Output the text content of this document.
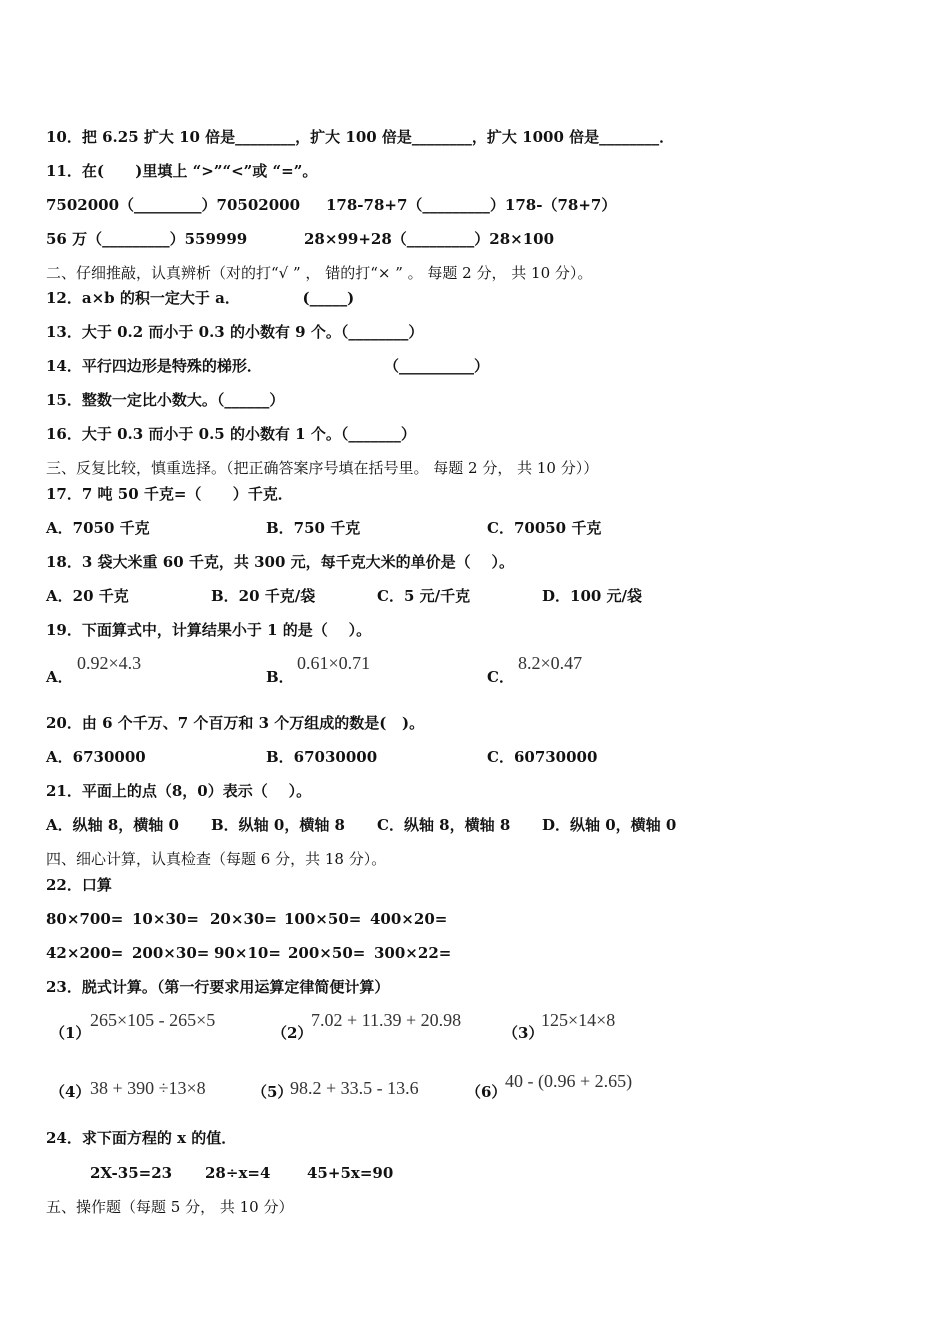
10．把 6.25 扩大 10 倍是________，扩大 100 倍是________，扩大 1000 倍是________．
11．在(      )里填上 “>”“<”或 “=”。
7502000（_________）70502000 178-78+7（_________）178-（78+7）
56 万（_________）559999	28×99+28（_________）28×100
二、仔细推敲，认真辨析（对的打“√ ” ， 错的打“× ” 。 每题 2 分， 共 10 分）。
12．a×b 的积一定大于 a．            (_____)
13．大于 0.2 而小于 0.3 的小数有 9 个。（________）
14．平行四边形是特殊的梯形．	（__________）
15．整数一定比小数大。（______）
16．大于 0.3 而小于 0.5 的小数有 1 个。（_______）
三、反复比较，慎重选择。（把正确答案序号填在括号里。 每题 2 分， 共 10 分））
17．7 吨 50 千克=（      ）千克．
A．7050 千克	B．750 千克	C．70050 千克
18．3 袋大米重 60 千克，共 300 元，每千克大米的单价是（    ）。
A．20 千克	B．20 千克/袋	C．5 元/千克	D．100 元/袋
19．下面算式中，计算结果小于 1 的是（    ）。
A．
0.92×4.3
B．
0.61×0.71
C．
8.2×0.47
20．由 6 个千万、7 个百万和 3 个万组成的数是(   )。
A．6730000	B．67030000	C．60730000
21．平面上的点（8，0）表示（    ）。
A．纵轴 8，横轴 0 B．纵轴 0，横轴 8 C．纵轴 8，横轴 8 D．纵轴 0，横轴 0
四、细心计算，认真检查（每题 6 分，共 18 分）。
22．口算
80×700= 10×30= 20×30= 100×50= 400×20=
42×200= 200×30= 90×10= 200×50= 300×22=
23．脱式计算。（第一行要求用运算定律简便计算）
（1）
265×105 - 265×5
（2）
7.02 + 11.39 + 20.98
（3）
125×14×8
（4） 38 + 390 ÷13×8	（5）
98.2 + 33.5 - 13.6	（6）
40 - (0.96 + 2.65)
24．求下面方程的 x 的值．
2X-35=23 28÷x=4 45+5x=90
五、操作题（每题 5 分， 共 10 分）
